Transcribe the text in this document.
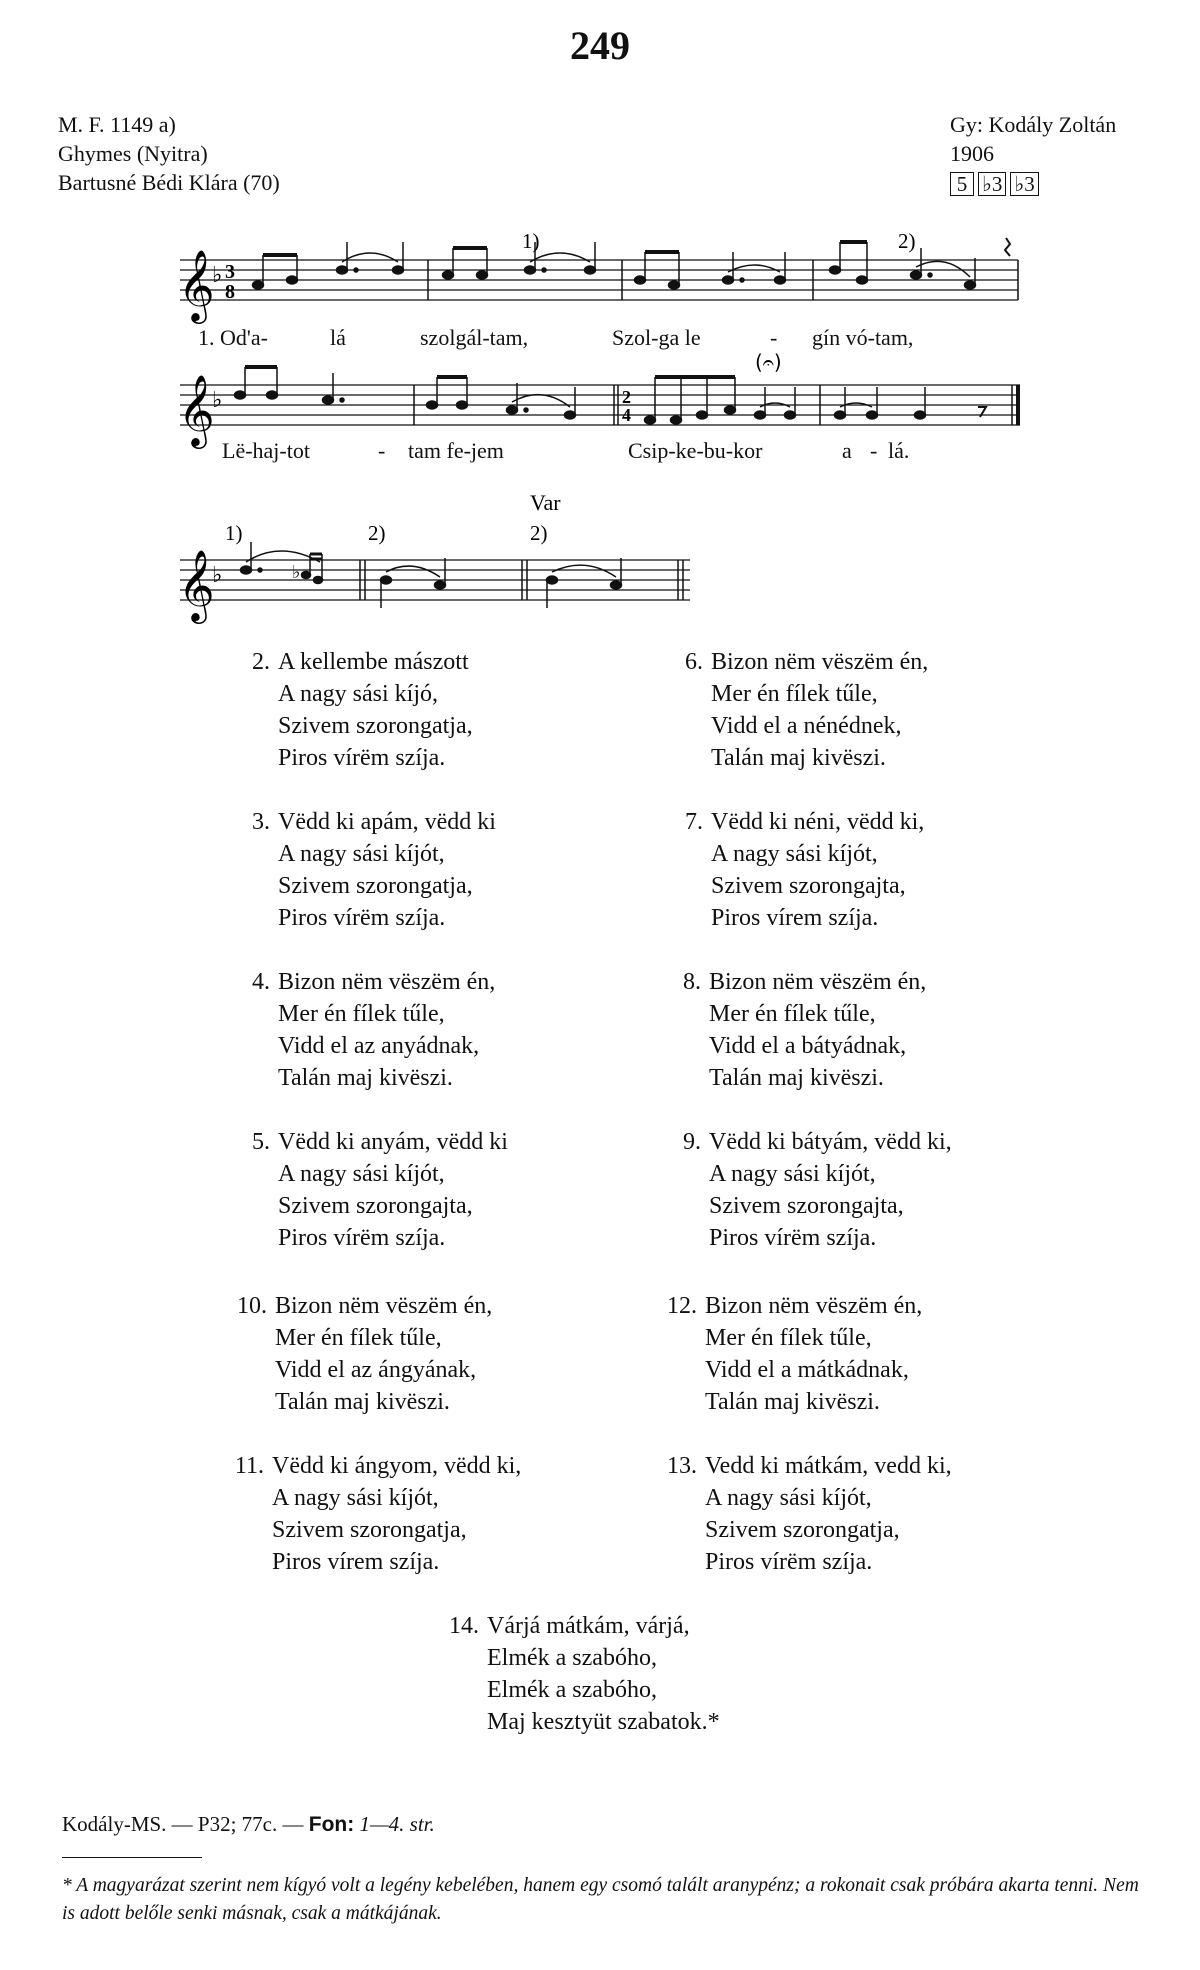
249
M. F. 1149 a)
Ghymes (Nyitra)
Bartusné Bédi Klára (70)
Gy: Kodály Zoltán
1906
5 ♭3 ♭3
𝄞
♭ 3
8
1)	2)
1. Od'a-	lá	szolgál-tam,	Szol-ga le	- gín vó-tam,
𝄞
♭	2
4
(𝄐)
Lë-haj-tot	- tam fe-jem	Csip-ke-bu-kor	a - lá.
Var
1)	2)	2)
𝄞
♭	♭
2. A kellembe mászott
A nagy sási kíjó,
Szivem szorongatja,
Piros vírëm szíja.
6. Bizon nëm vëszëm én,
Mer én fílek tűle,
Vidd el a nénédnek,
Talán maj kivëszi.
3. Vëdd ki apám, vëdd ki
A nagy sási kíjót,
Szivem szorongatja,
Piros vírëm szíja.
7. Vëdd ki néni, vëdd ki,
A nagy sási kíjót,
Szivem szorongajta,
Piros vírem szíja.
4. Bizon nëm vëszëm én,
Mer én fílek tűle,
Vidd el az anyádnak,
Talán maj kivëszi.
8. Bizon nëm vëszëm én,
Mer én fílek tűle,
Vidd el a bátyádnak,
Talán maj kivëszi.
5. Vëdd ki anyám, vëdd ki
A nagy sási kíjót,
Szivem szorongajta,
Piros vírëm szíja.
9. Vëdd ki bátyám, vëdd ki,
A nagy sási kíjót,
Szivem szorongajta,
Piros vírëm szíja.
10. Bizon nëm vëszëm én,
Mer én fílek tűle,
Vidd el az ángyának,
Talán maj kivëszi.
12. Bizon nëm vëszëm én,
Mer én fílek tűle,
Vidd el a mátkádnak,
Talán maj kivëszi.
11. Vëdd ki ángyom, vëdd ki,
A nagy sási kíjót,
Szivem szorongatja,
Piros vírem szíja.
13. Vedd ki mátkám, vedd ki,
A nagy sási kíjót,
Szivem szorongatja,
Piros vírëm szíja.
14. Várjá mátkám, várjá,
Elmék a szabóho,
Elmék a szabóho,
Maj kesztyüt szabatok.*
Kodály-MS. — P32; 77c. — Fon: 1—4. str.
* A magyarázat szerint nem kígyó volt a legény kebelében, hanem egy csomó talált aranypénz; a rokonait csak próbára akarta tenni. Nem is adott belőle senki másnak, csak a mátkájának.
